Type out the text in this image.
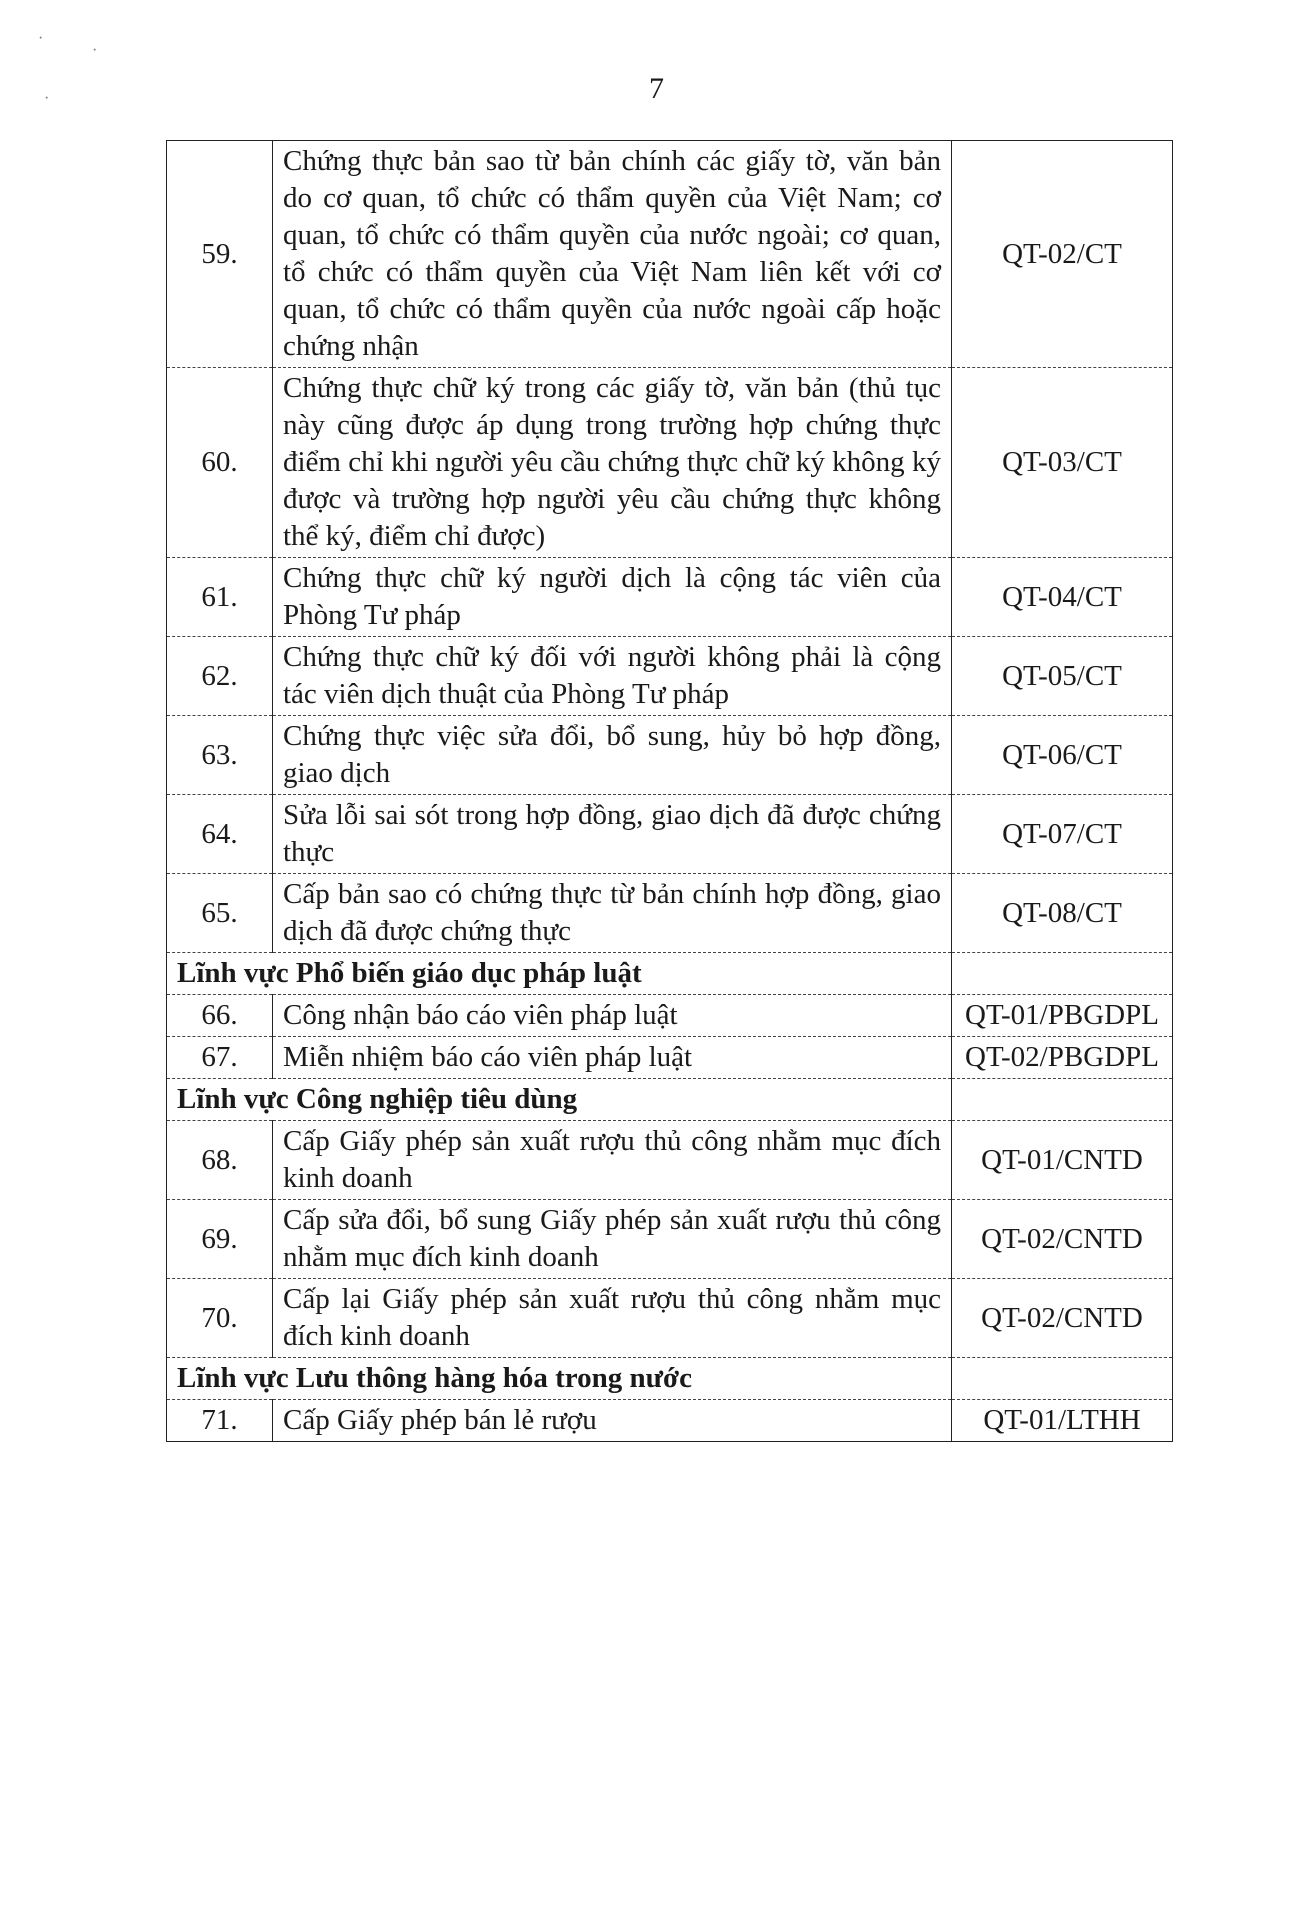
·
·
·	7
59.	Chứng thực bản sao từ bản chính các giấy tờ, văn bản do cơ quan, tổ chức có thẩm quyền của Việt Nam; cơ quan, tổ chức có thẩm quyền của nước ngoài; cơ quan, tổ chức có thẩm quyền của Việt Nam liên kết với cơ quan, tổ chức có thẩm quyền của nước ngoài cấp hoặc chứng nhận	QT-02/CT
60.	Chứng thực chữ ký trong các giấy tờ, văn bản (thủ tục này cũng được áp dụng trong trường hợp chứng thực điểm chỉ khi người yêu cầu chứng thực chữ ký không ký được và trường hợp người yêu cầu chứng thực không thể ký, điểm chỉ được)	QT-03/CT
61.	Chứng thực chữ ký người dịch là cộng tác viên của Phòng Tư pháp	QT-04/CT
62.	Chứng thực chữ ký đối với người không phải là cộng tác viên dịch thuật của Phòng Tư pháp	QT-05/CT
63.	Chứng thực việc sửa đổi, bổ sung, hủy bỏ hợp đồng, giao dịch	QT-06/CT
64.	Sửa lỗi sai sót trong hợp đồng, giao dịch đã được chứng thực	QT-07/CT
65.	Cấp bản sao có chứng thực từ bản chính hợp đồng, giao dịch đã được chứng thực	QT-08/CT
Lĩnh vực Phổ biến giáo dục pháp luật		
66.	Công nhận báo cáo viên pháp luật	QT-01/PBGDPL
67.	Miễn nhiệm báo cáo viên pháp luật	QT-02/PBGDPL
Lĩnh vực Công nghiệp tiêu dùng		
68.	Cấp Giấy phép sản xuất rượu thủ công nhằm mục đích kinh doanh	QT-01/CNTD
69.	Cấp sửa đổi, bổ sung Giấy phép sản xuất rượu thủ công nhằm mục đích kinh doanh	QT-02/CNTD
70.	Cấp lại Giấy phép sản xuất rượu thủ công nhằm mục đích kinh doanh	QT-02/CNTD
Lĩnh vực Lưu thông hàng hóa trong nước		
71.	Cấp Giấy phép bán lẻ rượu	QT-01/LTHH
